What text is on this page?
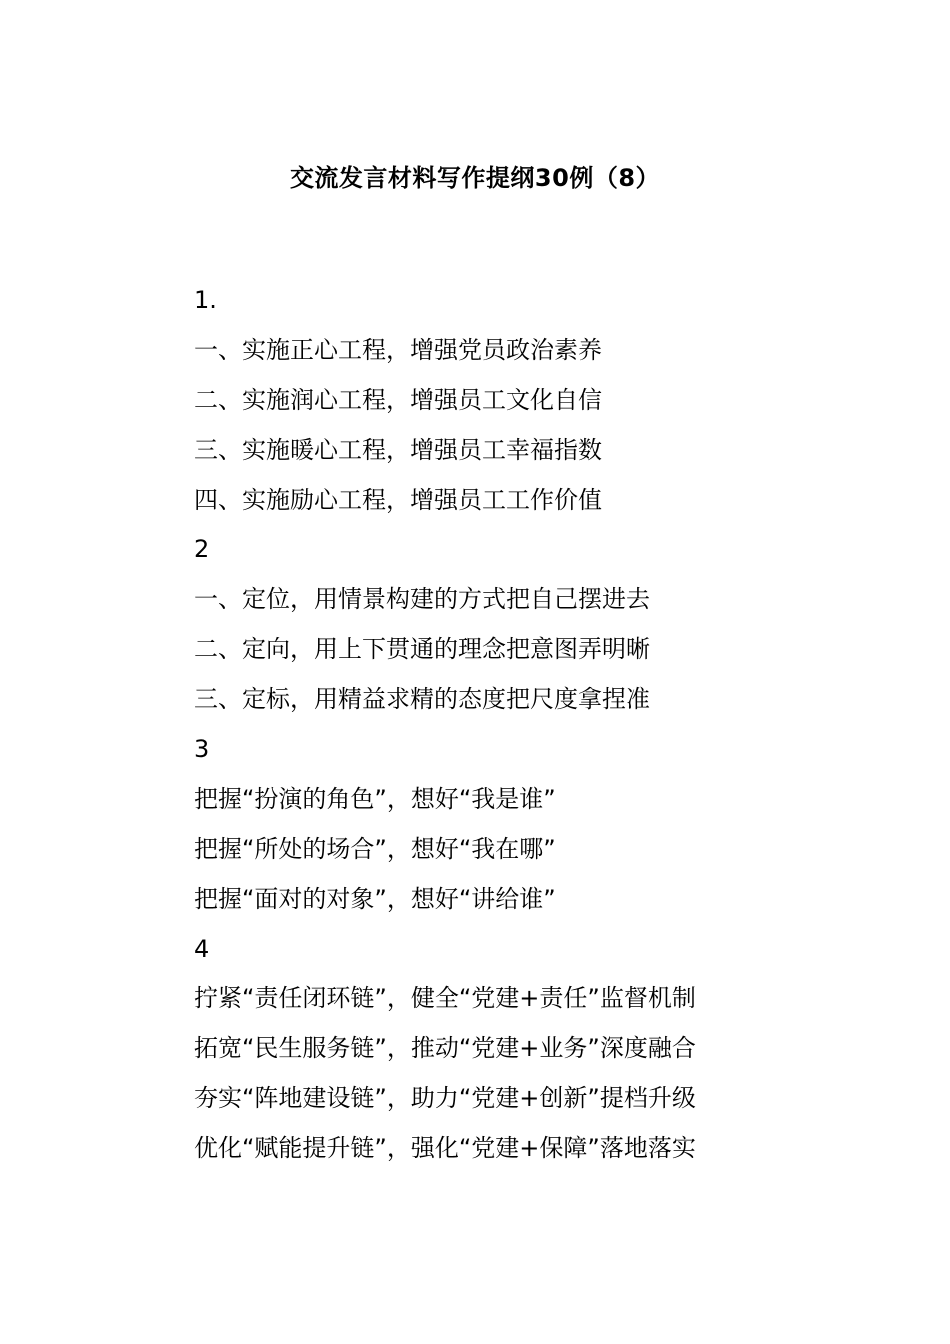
交流发言材料写作提纲30例（8）
1.
一、实施正心工程，增强党员政治素养
二、实施润心工程，增强员工文化自信
三、实施暖心工程，增强员工幸福指数
四、实施励心工程，增强员工工作价值
2
一、定位，用情景构建的方式把自己摆进去
二、定向，用上下贯通的理念把意图弄明晰
三、定标，用精益求精的态度把尺度拿捏准
3
把握“扮演的角色”，想好“我是谁”
把握“所处的场合”，想好“我在哪”
把握“面对的对象”，想好“讲给谁”
4
拧紧“责任闭环链”，健全“党建+责任”监督机制
拓宽“民生服务链”，推动“党建+业务”深度融合
夯实“阵地建设链”，助力“党建+创新”提档升级
优化“赋能提升链”，强化“党建+保障”落地落实
